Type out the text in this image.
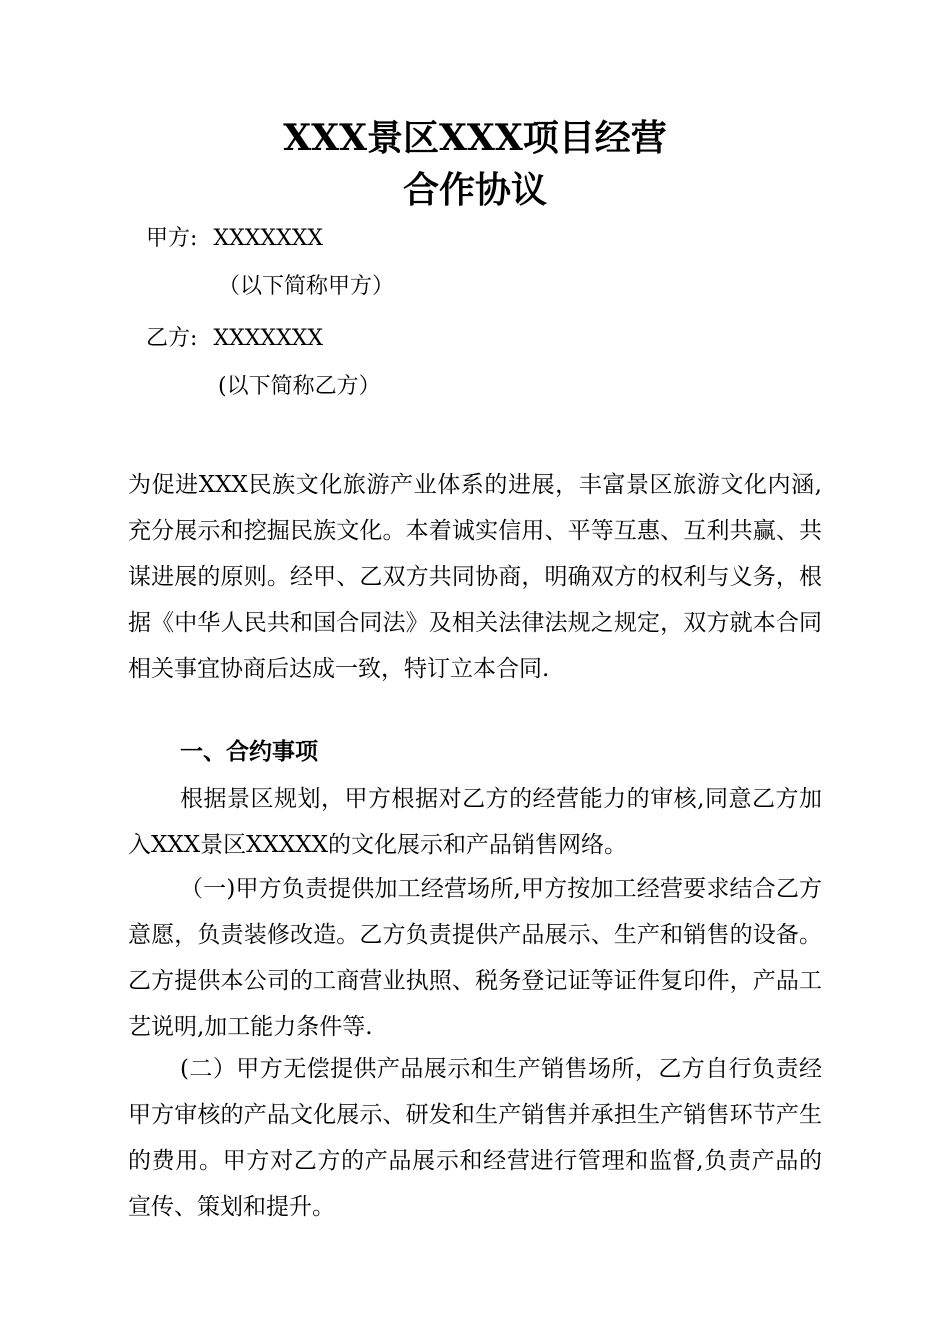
XXX景区XXX项目经营
合作协议
甲方: XXXXXXX
（以下简称甲方）
乙方: XXXXXXX
(以下简称乙方）

为促进XXX民族文化旅游产业体系的进展，丰富景区旅游文化内涵,充分展示和挖掘民族文化。本着诚实信用、平等互惠、互利共赢、共谋进展的原则。经甲、乙双方共同协商，明确双方的权利与义务，根据《中华人民共和国合同法》及相关法律法规之规定，双方就本合同相关事宜协商后达成一致，特订立本合同.

一、合约事项

根据景区规划，甲方根据对乙方的经营能力的审核,同意乙方加入XXX景区XXXXX的文化展示和产品销售网络。

（一)甲方负责提供加工经营场所,甲方按加工经营要求结合乙方意愿，负责装修改造。乙方负责提供产品展示、生产和销售的设备。乙方提供本公司的工商营业执照、税务登记证等证件复印件，产品工艺说明,加工能力条件等.

(二）甲方无偿提供产品展示和生产销售场所，乙方自行负责经甲方审核的产品文化展示、研发和生产销售并承担生产销售环节产生的费用。甲方对乙方的产品展示和经营进行管理和监督,负责产品的宣传、策划和提升。
